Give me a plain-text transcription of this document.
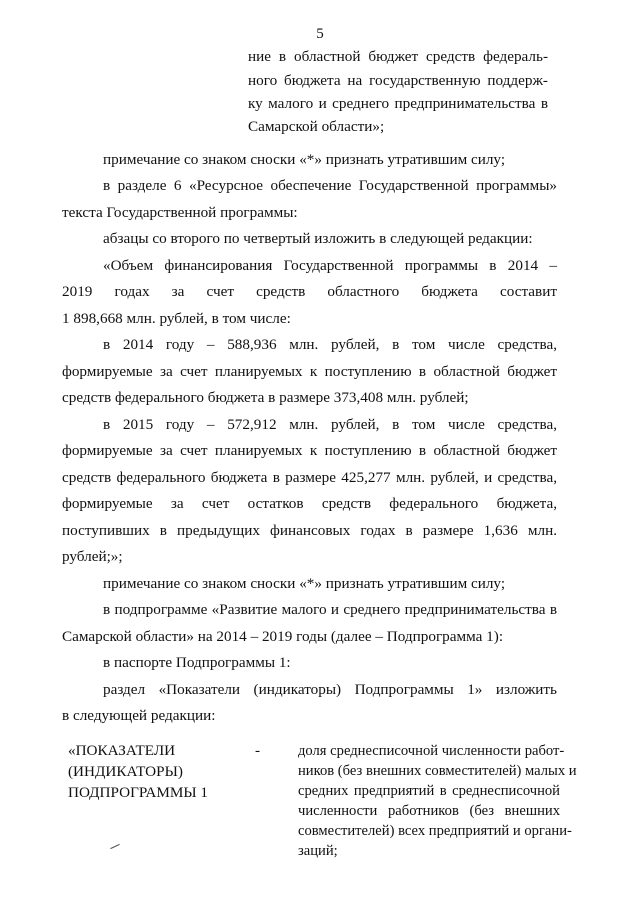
5
ние в областной бюджет средств федераль-
ного бюджета на государственную поддерж-
ку малого и среднего предпринимательства в
Самарской области»;
примечание со знаком сноски «*» признать утратившим силу;
в разделе 6 «Ресурсное обеспечение Государственной программы»
текста Государственной программы:
абзацы со второго по четвертый изложить в следующей редакции:
«Объем финансирования Государственной программы в 2014 –
2019 годах за счет средств областного бюджета составит
1 898,668 млн. рублей, в том числе:
в 2014 году – 588,936 млн. рублей, в том числе средства,
формируемые за счет планируемых к поступлению в областной бюджет
средств федерального бюджета в размере 373,408 млн. рублей;
в 2015 году – 572,912 млн. рублей, в том числе средства,
формируемые за счет планируемых к поступлению в областной бюджет
средств федерального бюджета в размере 425,277 млн. рублей, и средства,
формируемые за счет остатков средств федерального бюджета,
поступивших в предыдущих финансовых годах в размере 1,636 млн.
рублей;»;
примечание со знаком сноски «*» признать утратившим силу;
в подпрограмме «Развитие малого и среднего предпринимательства в
Самарской области» на 2014 – 2019 годы (далее – Подпрограмма 1):
в паспорте Подпрограммы 1:
раздел «Показатели (индикаторы) Подпрограммы 1» изложить
в следующей редакции:
«ПОКАЗАТЕЛИ
(ИНДИКАТОРЫ)
ПОДПРОГРАММЫ 1
-	доля среднесписочной численности работ-
ников (без внешних совместителей) малых и
средних предприятий в среднесписочной
численности работников (без внешних
совместителей) всех предприятий и органи-
заций;
